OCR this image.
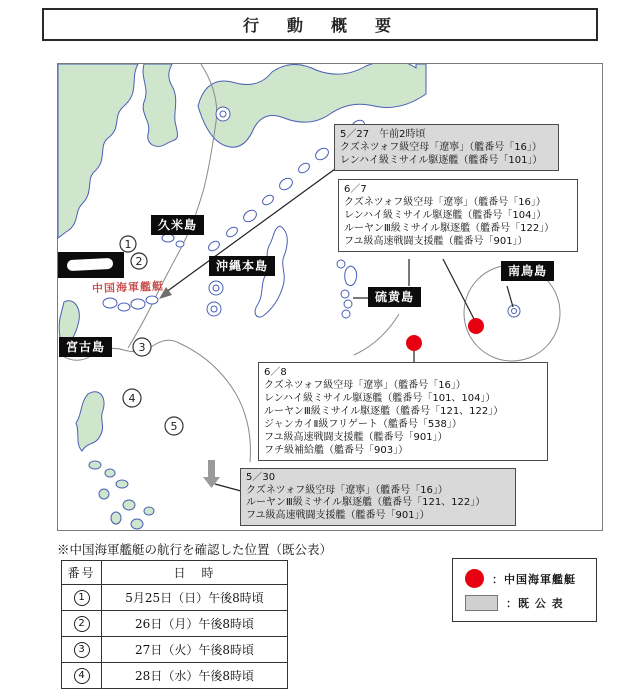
行　動　概　要
1
2
3
4
5
久米島
沖縄本島
宮古島
硫黄島
南鳥島
中国海軍艦艇
5／27　午前2時頃
クズネツォフ級空母「遼寧」（艦番号「16」）
レンハイ級ミサイル駆逐艦（艦番号「101」）
6／7
クズネツォフ級空母「遼寧」（艦番号「16」）
レンハイ級ミサイル駆逐艦（艦番号「104」）
ルーヤンⅢ級ミサイル駆逐艦（艦番号「122」）
フユ級高速戦闘支援艦（艦番号「901」）
6／8
クズネツォフ級空母「遼寧」（艦番号「16」）
レンハイ級ミサイル駆逐艦（艦番号「101、104」）
ルーヤンⅢ級ミサイル駆逐艦（艦番号「121、122」）
ジャンカイⅡ級フリゲート（艦番号「538」）
フユ級高速戦闘支援艦（艦番号「901」）
フチ級補給艦（艦番号「903」）
5／30
クズネツォフ級空母「遼寧」（艦番号「16」）
ルーヤンⅢ級ミサイル駆逐艦（艦番号「121、122」）
フユ級高速戦闘支援艦（艦番号「901」）
※中国海軍艦艇の航行を確認した位置（既公表）
番号	日　時
1	5月25日（日）午後8時頃
2	26日（月）午後8時頃
3	27日（火）午後8時頃
4	28日（水）午後8時頃
：中国海軍艦艇
：既 公 表
